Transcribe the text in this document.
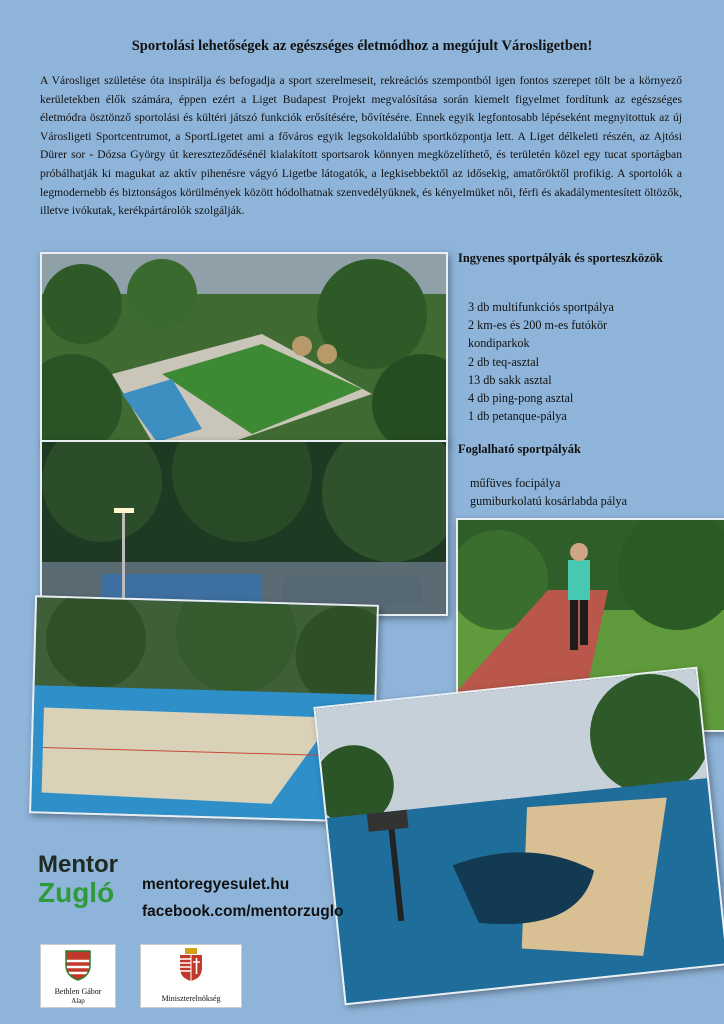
Sportolási lehetőségek az egészséges életmódhoz a megújult Városligetben!
A Városliget születése óta inspirálja és befogadja a sport szerelmeseit, rekreációs szempontból igen fontos szerepet tölt be a környező kerületekben élők számára, éppen ezért a Liget Budapest Projekt megvalósítása során kiemelt figyelmet fordítunk az egészséges életmódra ösztönző sportolási és kültéri játszó funkciók erősítésére, bővítésére. Ennek egyik legfontosabb lépéseként megnyitottuk az új Városligeti Sportcentrumot, a SportLigetet ami a főváros egyik legsokoldalúbb sportközpontja lett. A Liget délkeleti részén, az Ajtósi Dürer sor - Dózsa György út kereszteződésénél kialakított sportsarok könnyen megközelíthető, és területén közel egy tucat sportágban próbálhatják ki magukat az aktív pihenésre vágyó Ligetbe látogatók, a legkisebbektől az idősekig, amatőröktől profikig. A sportolók a legmodernebb és biztonságos körülmények között hódolhatnak szenvedélyüknek, és kényelmüket női, férfi és akadálymentesített öltözők, illetve ivókutak, kerékpártárolók szolgálják.
Ingyenes sportpályák és sporteszközök
3 db multifunkciós sportpálya
2 km-es és 200 m-es futókör
kondiparkok
2 db teq-asztal
13 db sakk asztal
4 db ping-pong asztal
1 db petanque-pálya
Foglalható sportpályák
műfüves focipálya
gumiburkolatú kosárlabda pálya
Mentor
Zugló mentoregyesulet.hu
facebook.com/mentorzuglo
Bethlen Gábor
Alap	Miniszterelnökség
